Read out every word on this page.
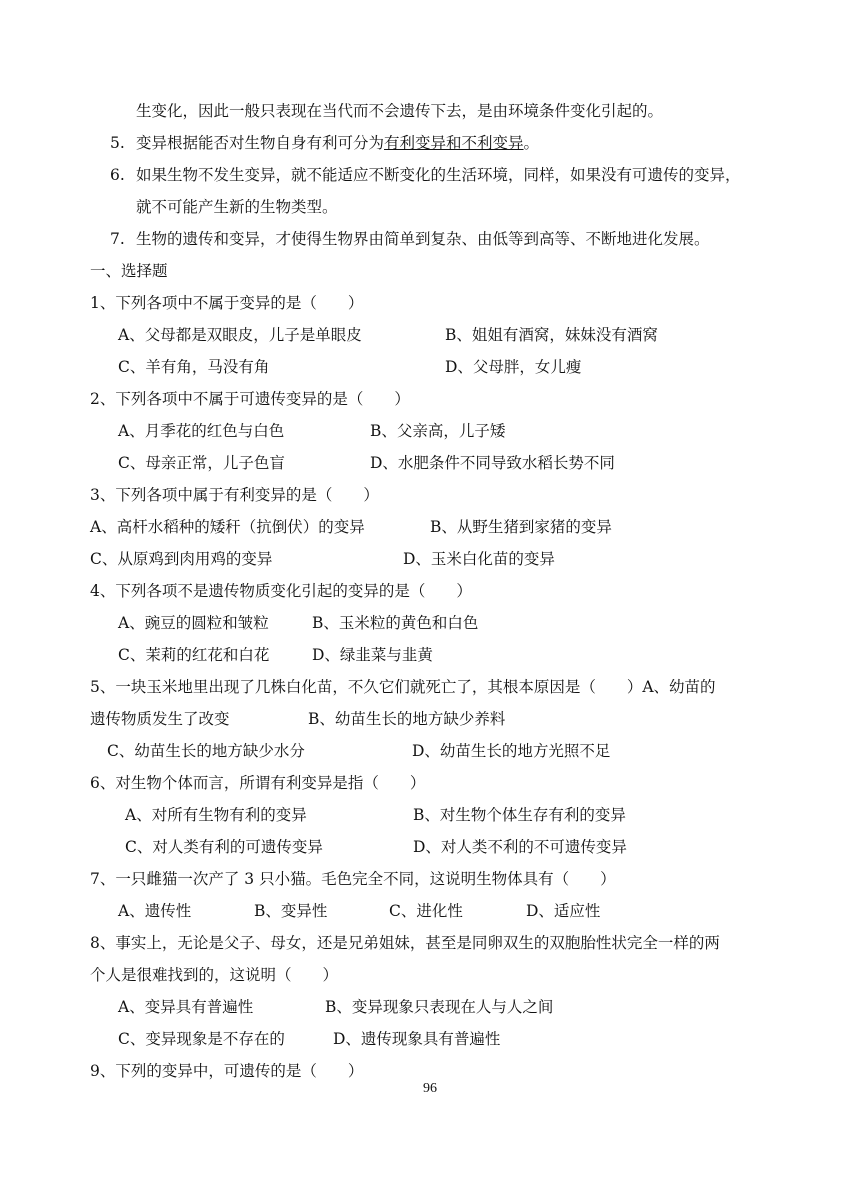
生变化，因此一般只表现在当代而不会遗传下去，是由环境条件变化引起的。
5. 变异根据能否对生物自身有利可分为有利变异和不利变异。
6. 如果生物不发生变异，就不能适应不断变化的生活环境，同样，如果没有可遗传的变异，
就不可能产生新的生物类型。
7. 生物的遗传和变异，才使得生物界由简单到复杂、由低等到高等、不断地进化发展。
一、选择题
1、下列各项中不属于变异的是（　　）
A、父母都是双眼皮，儿子是单眼皮	B、姐姐有酒窝，妹妹没有酒窝
C、羊有角，马没有角	D、父母胖，女儿瘦
2、下列各项中不属于可遗传变异的是（　　）
A、月季花的红色与白色	B、父亲高，儿子矮
C、母亲正常，儿子色盲	D、水肥条件不同导致水稻长势不同
3、下列各项中属于有利变异的是（　　）
A、高杆水稻种的矮秆（抗倒伏）的变异	B、从野生猪到家猪的变异
C、从原鸡到肉用鸡的变异	D、玉米白化苗的变异
4、下列各项不是遗传物质变化引起的变异的是（　　）
A、豌豆的圆粒和皱粒	B、玉米粒的黄色和白色
C、茉莉的红花和白花	D、绿韭菜与韭黄
5、一块玉米地里出现了几株白化苗，不久它们就死亡了，其根本原因是（　　）A、幼苗的
遗传物质发生了改变	B、幼苗生长的地方缺少养料
C、幼苗生长的地方缺少水分	D、幼苗生长的地方光照不足
6、对生物个体而言，所谓有利变异是指（　　）
A、对所有生物有利的变异	B、对生物个体生存有利的变异
C、对人类有利的可遗传变异	D、对人类不利的不可遗传变异
7、一只雌猫一次产了 3 只小猫。毛色完全不同，这说明生物体具有（　　）
A、遗传性	B、变异性	C、进化性	D、适应性
8、事实上，无论是父子、母女，还是兄弟姐妹，甚至是同卵双生的双胞胎性状完全一样的两
个人是很难找到的，这说明（　　）
A、变异具有普遍性	B、变异现象只表现在人与人之间
C、变异现象是不存在的	D、遗传现象具有普遍性
9、下列的变异中，可遗传的是（　　）
96
